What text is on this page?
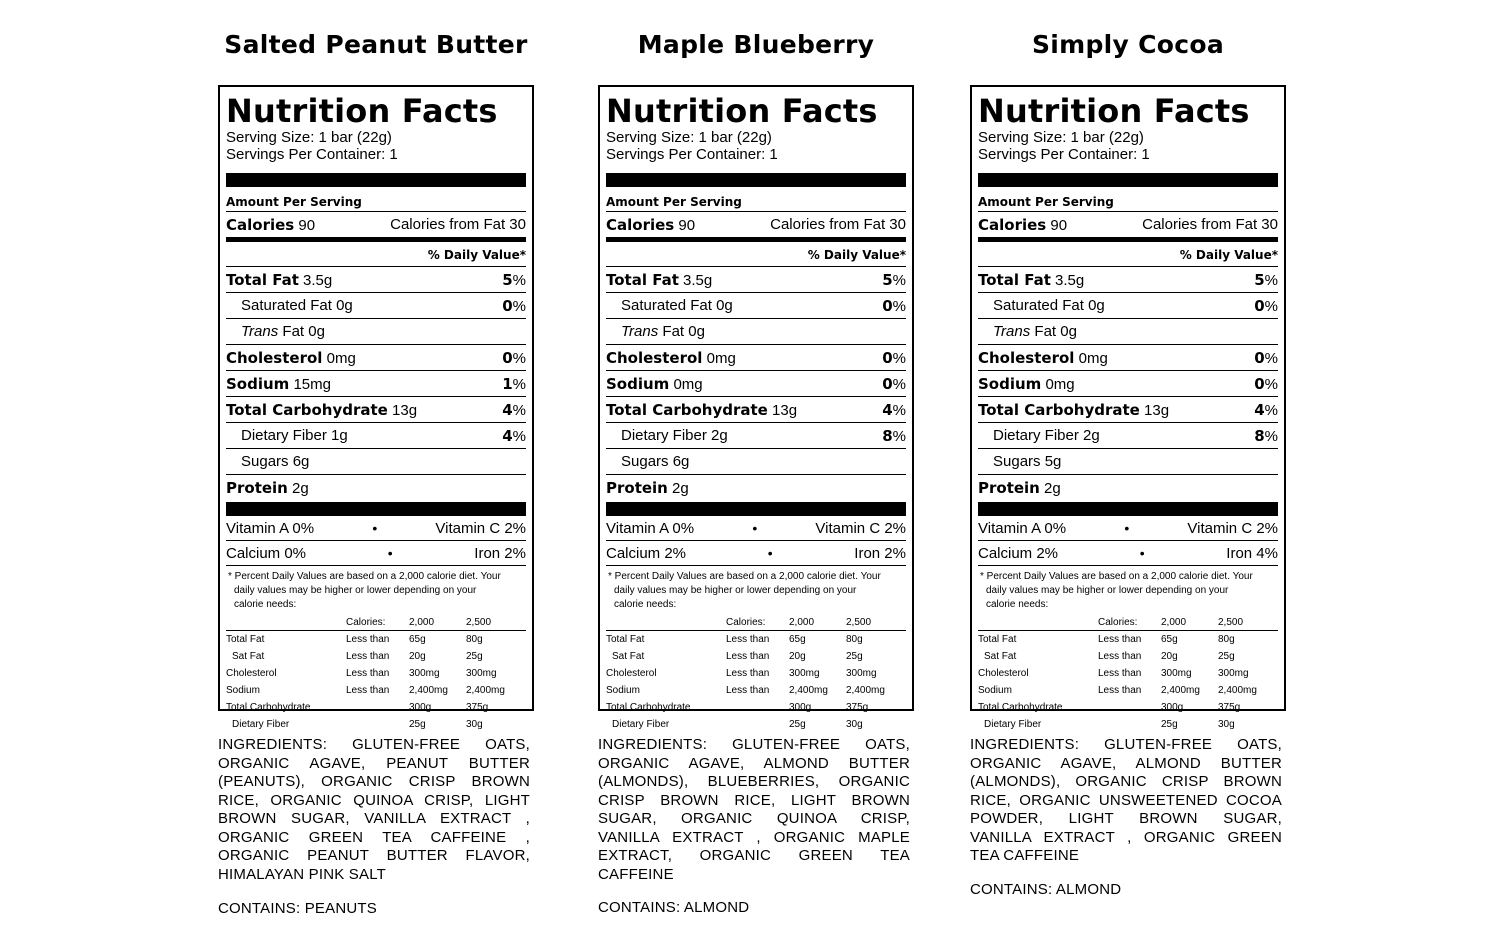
Salted Peanut Butter
Nutrition Facts
Serving Size: 1 bar (22g)
Servings Per Container: 1
Amount Per Serving
Calories 90	Calories from Fat 30
% Daily Value*
Total Fat 3.5g	5%
Saturated Fat 0g	0%
Trans Fat 0g
Cholesterol 0mg	0%
Sodium 15mg	1%
Total Carbohydrate 13g	4%
Dietary Fiber 1g	4%
Sugars 6g
Protein 2g
Vitamin A 0%	•	Vitamin C 2%
Calcium 0%	•	Iron 2%
* Percent Daily Values are based on a 2,000 calorie diet. Your
daily values may be higher or lower depending on your
calorie needs:
	Calories:	2,000	2,500
Total Fat	Less than	65g	80g
Sat Fat	Less than	20g	25g
Cholesterol	Less than	300mg	300mg
Sodium	Less than	2,400mg	2,400mg
Total Carbohydrate		300g	375g
Dietary Fiber		25g	30g
INGREDIENTS: GLUTEN-FREE OATS, ORGANIC AGAVE, PEANUT BUTTER (PEANUTS), ORGANIC CRISP BROWN RICE, ORGANIC QUINOA CRISP, LIGHT BROWN SUGAR, VANILLA EXTRACT , ORGANIC GREEN TEA CAFFEINE , ORGANIC PEANUT BUTTER FLAVOR, HIMALAYAN PINK SALT
CONTAINS: PEANUTS
Maple Blueberry
Nutrition Facts
Serving Size: 1 bar (22g)
Servings Per Container: 1
Amount Per Serving
Calories 90	Calories from Fat 30
% Daily Value*
Total Fat 3.5g	5%
Saturated Fat 0g	0%
Trans Fat 0g
Cholesterol 0mg	0%
Sodium 0mg	0%
Total Carbohydrate 13g	4%
Dietary Fiber 2g	8%
Sugars 6g
Protein 2g
Vitamin A 0%	•	Vitamin C 2%
Calcium 2%	•	Iron 2%
* Percent Daily Values are based on a 2,000 calorie diet. Your
daily values may be higher or lower depending on your
calorie needs:
	Calories:	2,000	2,500
Total Fat	Less than	65g	80g
Sat Fat	Less than	20g	25g
Cholesterol	Less than	300mg	300mg
Sodium	Less than	2,400mg	2,400mg
Total Carbohydrate		300g	375g
Dietary Fiber		25g	30g
INGREDIENTS: GLUTEN-FREE OATS, ORGANIC AGAVE, ALMOND BUTTER (ALMONDS), BLUEBERRIES, ORGANIC CRISP BROWN RICE, LIGHT BROWN SUGAR, ORGANIC QUINOA CRISP, VANILLA EXTRACT , ORGANIC MAPLE EXTRACT, ORGANIC GREEN TEA CAFFEINE
CONTAINS: ALMOND
Simply Cocoa
Nutrition Facts
Serving Size: 1 bar (22g)
Servings Per Container: 1
Amount Per Serving
Calories 90	Calories from Fat 30
% Daily Value*
Total Fat 3.5g	5%
Saturated Fat 0g	0%
Trans Fat 0g
Cholesterol 0mg	0%
Sodium 0mg	0%
Total Carbohydrate 13g	4%
Dietary Fiber 2g	8%
Sugars 5g
Protein 2g
Vitamin A 0%	•	Vitamin C 2%
Calcium 2%	•	Iron 4%
* Percent Daily Values are based on a 2,000 calorie diet. Your
daily values may be higher or lower depending on your
calorie needs:
	Calories:	2,000	2,500
Total Fat	Less than	65g	80g
Sat Fat	Less than	20g	25g
Cholesterol	Less than	300mg	300mg
Sodium	Less than	2,400mg	2,400mg
Total Carbohydrate		300g	375g
Dietary Fiber		25g	30g
INGREDIENTS: GLUTEN-FREE OATS, ORGANIC AGAVE, ALMOND BUTTER (ALMONDS), ORGANIC CRISP BROWN RICE, ORGANIC UNSWEETENED COCOA POWDER, LIGHT BROWN SUGAR, VANILLA EXTRACT , ORGANIC GREEN TEA CAFFEINE
CONTAINS: ALMOND
